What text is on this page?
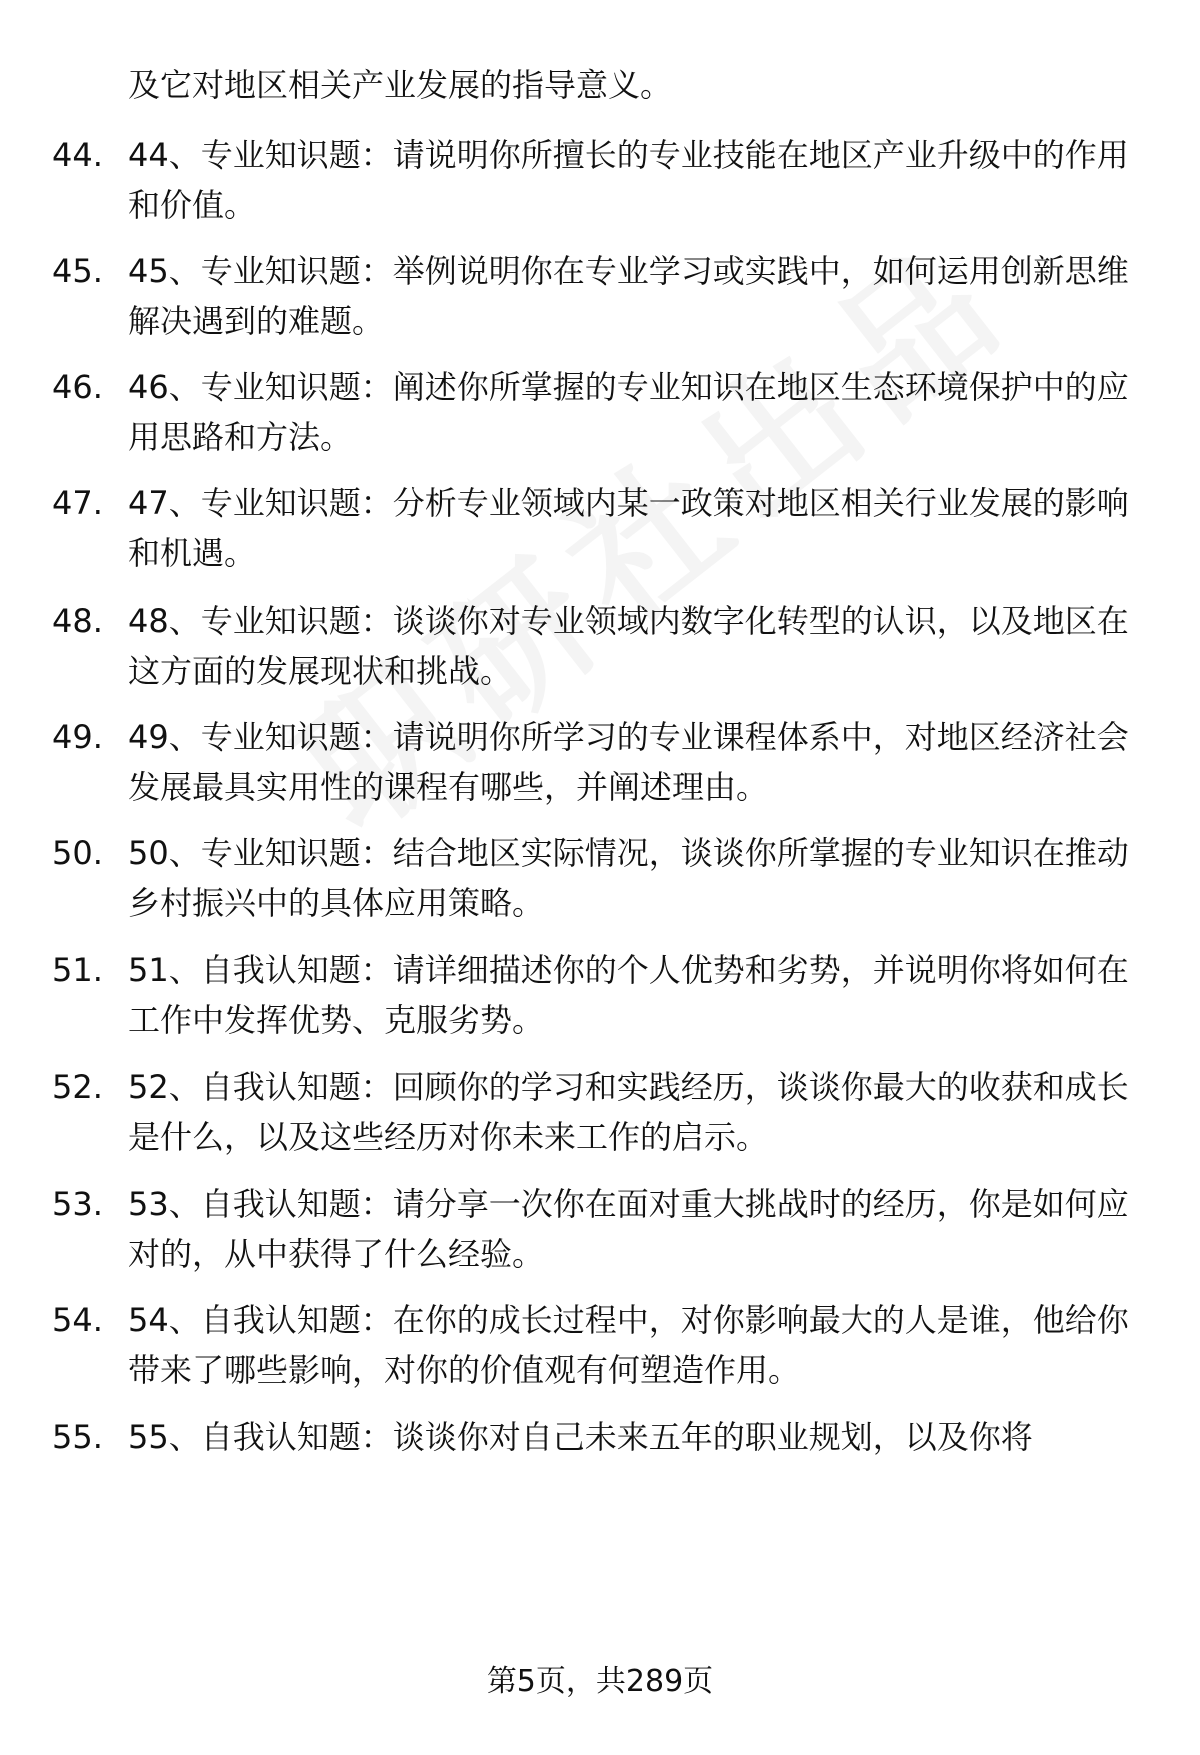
及它对地区相关产业发展的指导意义。
44. 44、专业知识题：请说明你所擅长的专业技能在地区产业升级中的作用和价值。
45. 45、专业知识题：举例说明你在专业学习或实践中，如何运用创新思维解决遇到的难题。
46. 46、专业知识题：阐述你所掌握的专业知识在地区生态环境保护中的应用思路和方法。
47. 47、专业知识题：分析专业领域内某一政策对地区相关行业发展的影响和机遇。
48. 48、专业知识题：谈谈你对专业领域内数字化转型的认识，以及地区在这方面的发展现状和挑战。
49. 49、专业知识题：请说明你所学习的专业课程体系中，对地区经济社会发展最具实用性的课程有哪些，并阐述理由。
50. 50、专业知识题：结合地区实际情况，谈谈你所掌握的专业知识在推动乡村振兴中的具体应用策略。
51. 51、自我认知题：请详细描述你的个人优势和劣势，并说明你将如何在工作中发挥优势、克服劣势。
52. 52、自我认知题：回顾你的学习和实践经历，谈谈你最大的收获和成长是什么，以及这些经历对你未来工作的启示。
53. 53、自我认知题：请分享一次你在面对重大挑战时的经历，你是如何应对的，从中获得了什么经验。
54. 54、自我认知题：在你的成长过程中，对你影响最大的人是谁，他给你带来了哪些影响，对你的价值观有何塑造作用。
55. 55、自我认知题：谈谈你对自己未来五年的职业规划，以及你将
第5页，共289页
